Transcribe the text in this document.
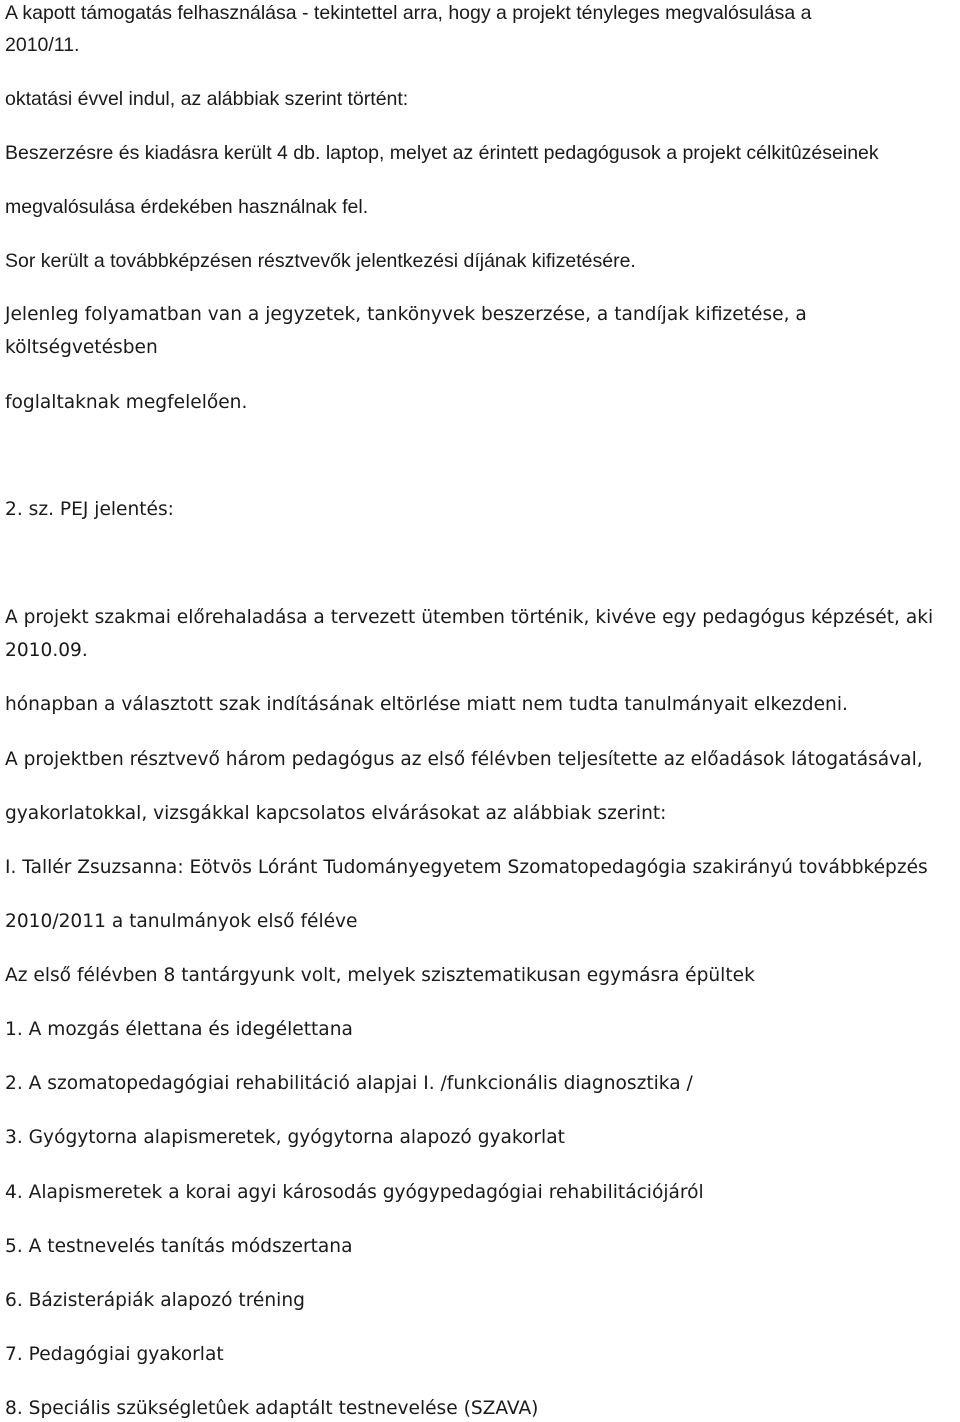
A kapott támogatás felhasználása - tekintettel arra, hogy a projekt tényleges megvalósulása a
2010/11.
oktatási évvel indul, az alábbiak szerint történt:
Beszerzésre és kiadásra került 4 db. laptop, melyet az érintett pedagógusok a projekt célkitûzéseinek
megvalósulása érdekében használnak fel.
Sor került a továbbképzésen résztvevők jelentkezési díjának kifizetésére.
Jelenleg folyamatban van a jegyzetek, tankönyvek beszerzése, a tandíjak kifizetése, a
költségvetésben
foglaltaknak megfelelően.
2. sz. PEJ jelentés:
A projekt szakmai előrehaladása a tervezett ütemben történik, kivéve egy pedagógus képzését, aki
2010.09.
hónapban a választott szak indításának eltörlése miatt nem tudta tanulmányait elkezdeni.
A projektben résztvevő három pedagógus az első félévben teljesítette az előadások látogatásával,
gyakorlatokkal, vizsgákkal kapcsolatos elvárásokat az alábbiak szerint:
I. Tallér Zsuzsanna: Eötvös Lóránt Tudományegyetem Szomatopedagógia szakirányú továbbképzés
2010/2011 a tanulmányok első féléve
Az első félévben 8 tantárgyunk volt, melyek szisztematikusan egymásra épültek
1. A mozgás élettana és idegélettana
2. A szomatopedagógiai rehabilitáció alapjai I. /funkcionális diagnosztika /
3. Gyógytorna alapismeretek, gyógytorna alapozó gyakorlat
4. Alapismeretek a korai agyi károsodás gyógypedagógiai rehabilitációjáról
5. A testnevelés tanítás módszertana
6. Bázisterápiák alapozó tréning
7. Pedagógiai gyakorlat
8. Speciális szükségletûek adaptált testnevelése (SZAVA)
